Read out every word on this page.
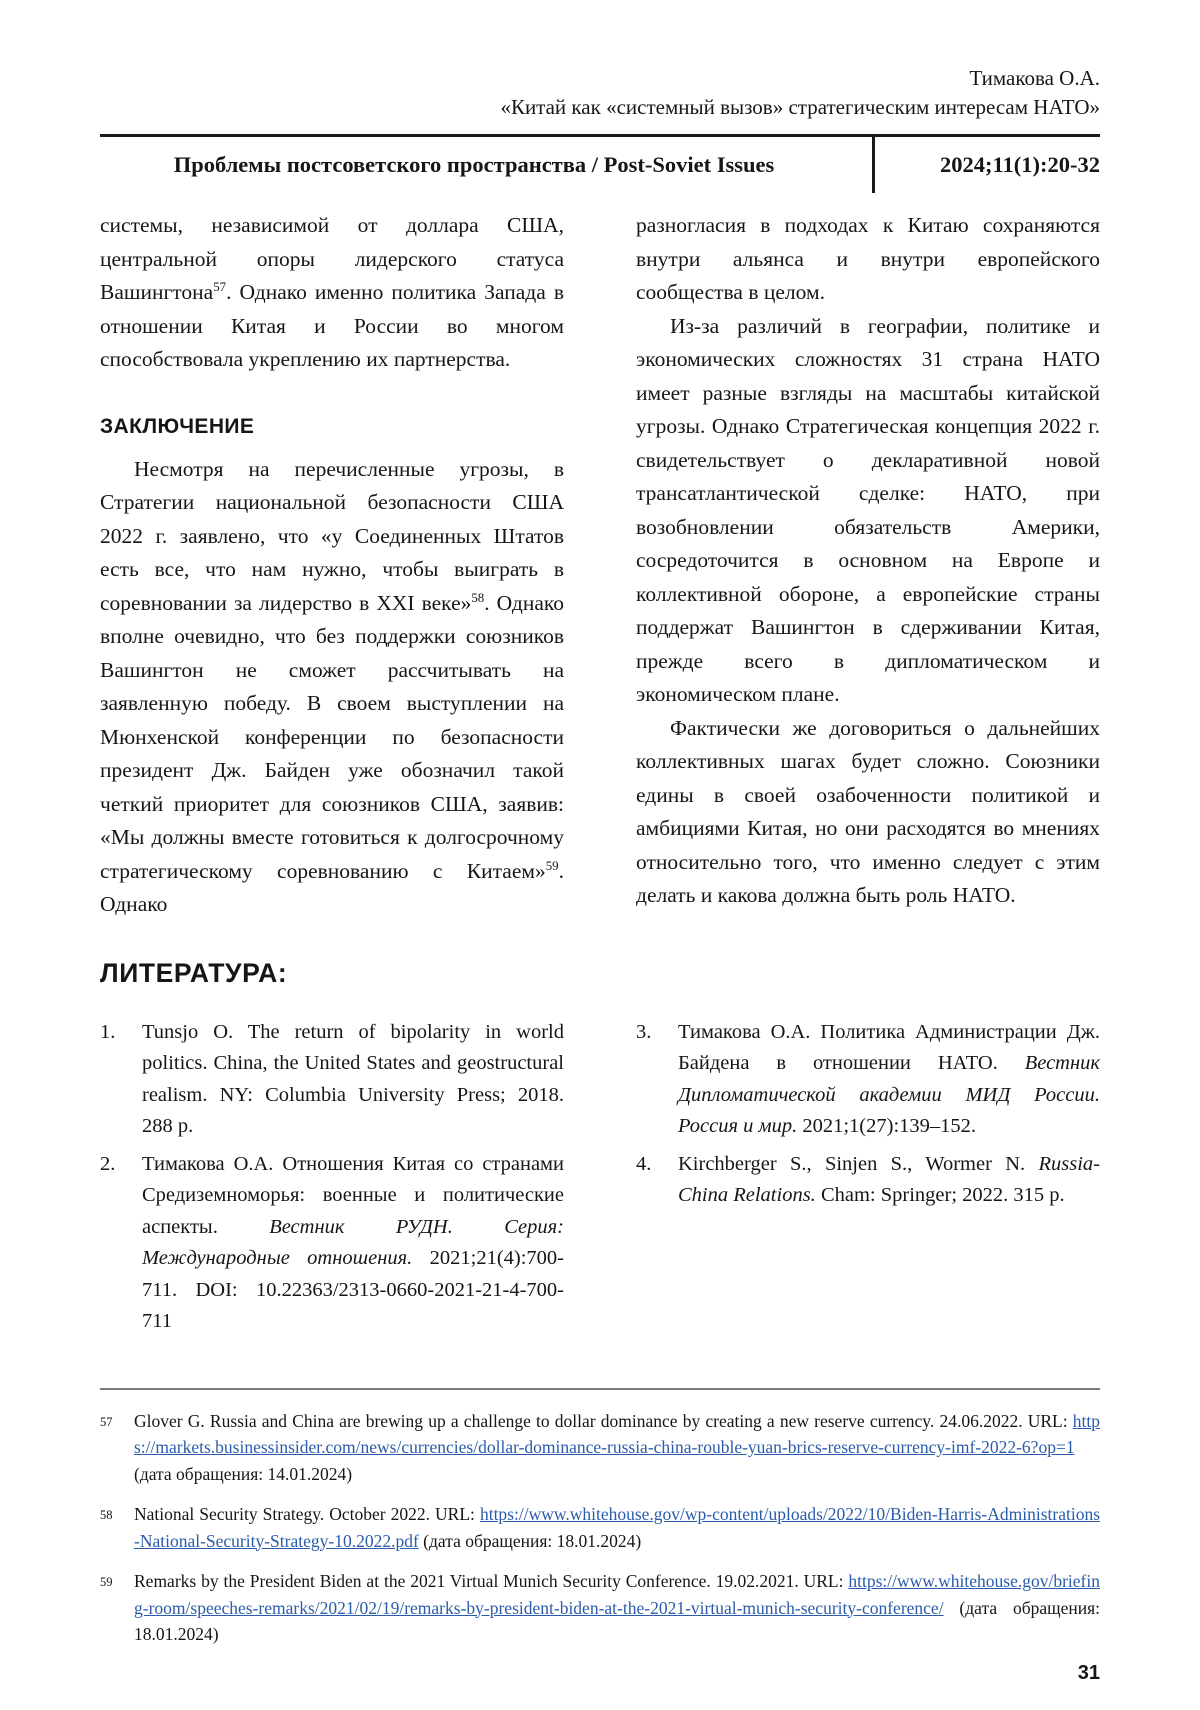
Тимакова О.А.
«Китай как «системный вызов» стратегическим интересам НАТО»
Проблемы постсоветского пространства / Post-Soviet Issues	2024;11(1):20-32

системы, независимой от доллара США, центральной опоры лидерского статуса Вашингтона$^{57}$. Однако именно политика Запада в отношении Китая и России во многом способствовала укреплению их партнерства.

ЗАКЛЮЧЕНИЕ

Несмотря на перечисленные угрозы, в Стратегии национальной безопасности США 2022 г. заявлено, что «у Соединенных Штатов есть все, что нам нужно, чтобы выиграть в соревновании за лидерство в XXI веке»$^{58}$. Однако вполне очевидно, что без поддержки союзников Вашингтон не сможет рассчитывать на заявленную победу. В своем выступлении на Мюнхенской конференции по безопасности президент Дж. Байден уже обозначил такой четкий приоритет для союзников США, заявив: «Мы должны вместе готовиться к долгосрочному стратегическому соревнованию с Китаем»$^{59}$. Однако

разногласия в подходах к Китаю сохраняются внутри альянса и внутри европейского сообщества в целом.

Из-за различий в географии, политике и экономических сложностях 31 страна НАТО имеет разные взгляды на масштабы китайской угрозы. Однако Стратегическая концепция 2022 г. свидетельствует о декларативной новой трансатлантической сделке: НАТО, при возобновлении обязательств Америки, сосредоточится в основном на Европе и коллективной обороне, а европейские страны поддержат Вашингтон в сдерживании Китая, прежде всего в дипломатическом и экономическом плане.

Фактически же договориться о дальнейших коллективных шагах будет сложно. Союзники едины в своей озабоченности политикой и амбициями Китая, но они расходятся во мнениях относительно того, что именно следует с этим делать и какова должна быть роль НАТО.

ЛИТЕРАТУРА:
1.	Tunsjo O. The return of bipolarity in world politics. China, the United States and geostructural realism. NY: Columbia University Press; 2018. 288 p.
2.	Тимакова О.А. Отношения Китая со странами Средиземноморья: военные и политические аспекты. Вестник РУДН. Серия: Международные отношения. 2021;21(4):700-711. DOI: 10.22363/2313-0660-2021-21-4-700-711
3.	Тимакова О.А. Политика Администрации Дж. Байдена в отношении НАТО. Вестник Дипломатической академии МИД России. Россия и мир. 2021;1(27):139–152.
4.	Kirchberger S., Sinjen S., Wormer N. Russia-China Relations. Cham: Springer; 2022. 315 p.
57	Glover G. Russia and China are brewing up a challenge to dollar dominance by creating a new reserve currency. 24.06.2022. URL: https://markets.businessinsider.com/news/currencies/dollar-dominance-russia-china-rouble-yuan-brics-reserve-currency-imf-2022-6?op=1 (дата обращения: 14.01.2024)
58	National Security Strategy. October 2022. URL: https://www.whitehouse.gov/wp-content/uploads/2022/10/Biden-Harris-Administrations-National-Security-Strategy-10.2022.pdf (дата обращения: 18.01.2024)
59	Remarks by the President Biden at the 2021 Virtual Munich Security Conference. 19.02.2021. URL: https://www.whitehouse.gov/briefing-room/speeches-remarks/2021/02/19/remarks-by-president-biden-at-the-2021-virtual-munich-security-conference/ (дата обращения: 18.01.2024)
31
